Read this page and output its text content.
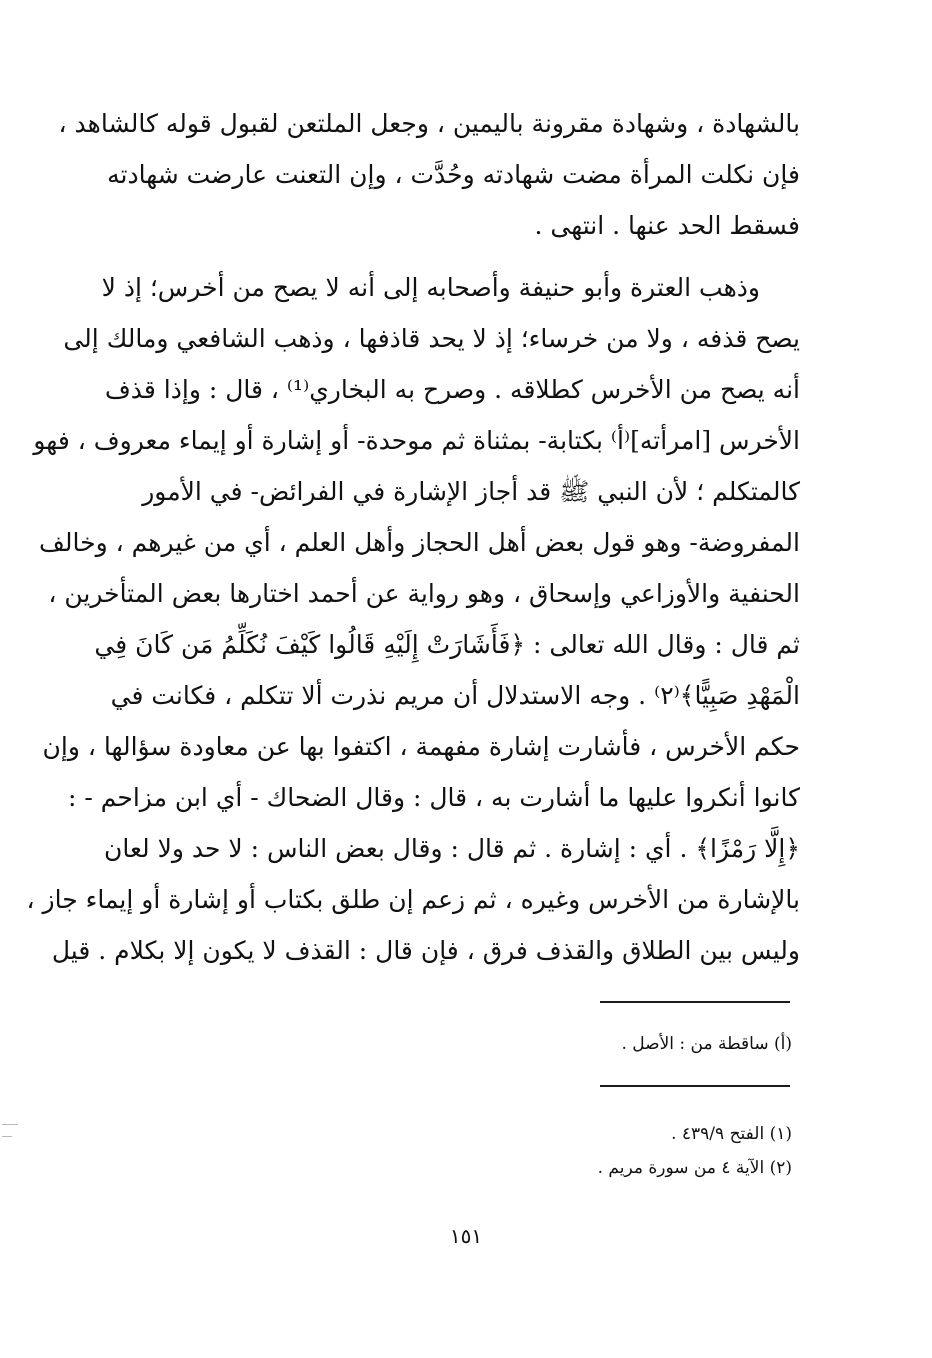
بالشهادة ، وشهادة مقرونة باليمين ، وجعل الملتعن لقبول قوله كالشاهد ،
فإن نكلت المرأة مضت شهادته وحُدَّت ، وإن التعنت عارضت شهادته
فسقط الحد عنها . انتهى .
وذهب العترة وأبو حنيفة وأصحابه إلى أنه لا يصح من أخرس؛ إذ لا
يصح قذفه ، ولا من خرساء؛ إذ لا يحد قاذفها ، وذهب الشافعي ومالك إلى
أنه يصح من الأخرس كطلاقه . وصرح به البخاري⁽¹⁾ ، قال : وإذا قذف
الأخرس [امرأته]⁽أ⁾ بكتابة- بمثناة ثم موحدة- أو إشارة أو إيماء معروف ، فهو
كالمتكلم ؛ لأن النبي ﷺ قد أجاز الإشارة في الفرائض- في الأمور
المفروضة- وهو قول بعض أهل الحجاز وأهل العلم ، أي من غيرهم ، وخالف
الحنفية والأوزاعي وإسحاق ، وهو رواية عن أحمد اختارها بعض المتأخرين ،
ثم قال : وقال الله تعالى : ﴿فَأَشَارَتْ إِلَيْهِ قَالُوا كَيْفَ نُكَلِّمُ مَن كَانَ فِي
الْمَهْدِ صَبِيًّا﴾⁽٢⁾ . وجه الاستدلال أن مريم نذرت ألا تتكلم ، فكانت في
حكم الأخرس ، فأشارت إشارة مفهمة ، اكتفوا بها عن معاودة سؤالها ، وإن
كانوا أنكروا عليها ما أشارت به ، قال : وقال الضحاك - أي ابن مزاحم - :
﴿إِلَّا رَمْزًا﴾ . أي : إشارة . ثم قال : وقال بعض الناس : لا حد ولا لعان
بالإشارة من الأخرس وغيره ، ثم زعم إن طلق بكتاب أو إشارة أو إيماء جاز ،
وليس بين الطلاق والقذف فرق ، فإن قال : القذف لا يكون إلا بكلام . قيل
(أ) ساقطة من : الأصل .
(١) الفتح ٤٣٩/٩ .
(٢) الآية ٤ من سورة مريم .
١٥١
